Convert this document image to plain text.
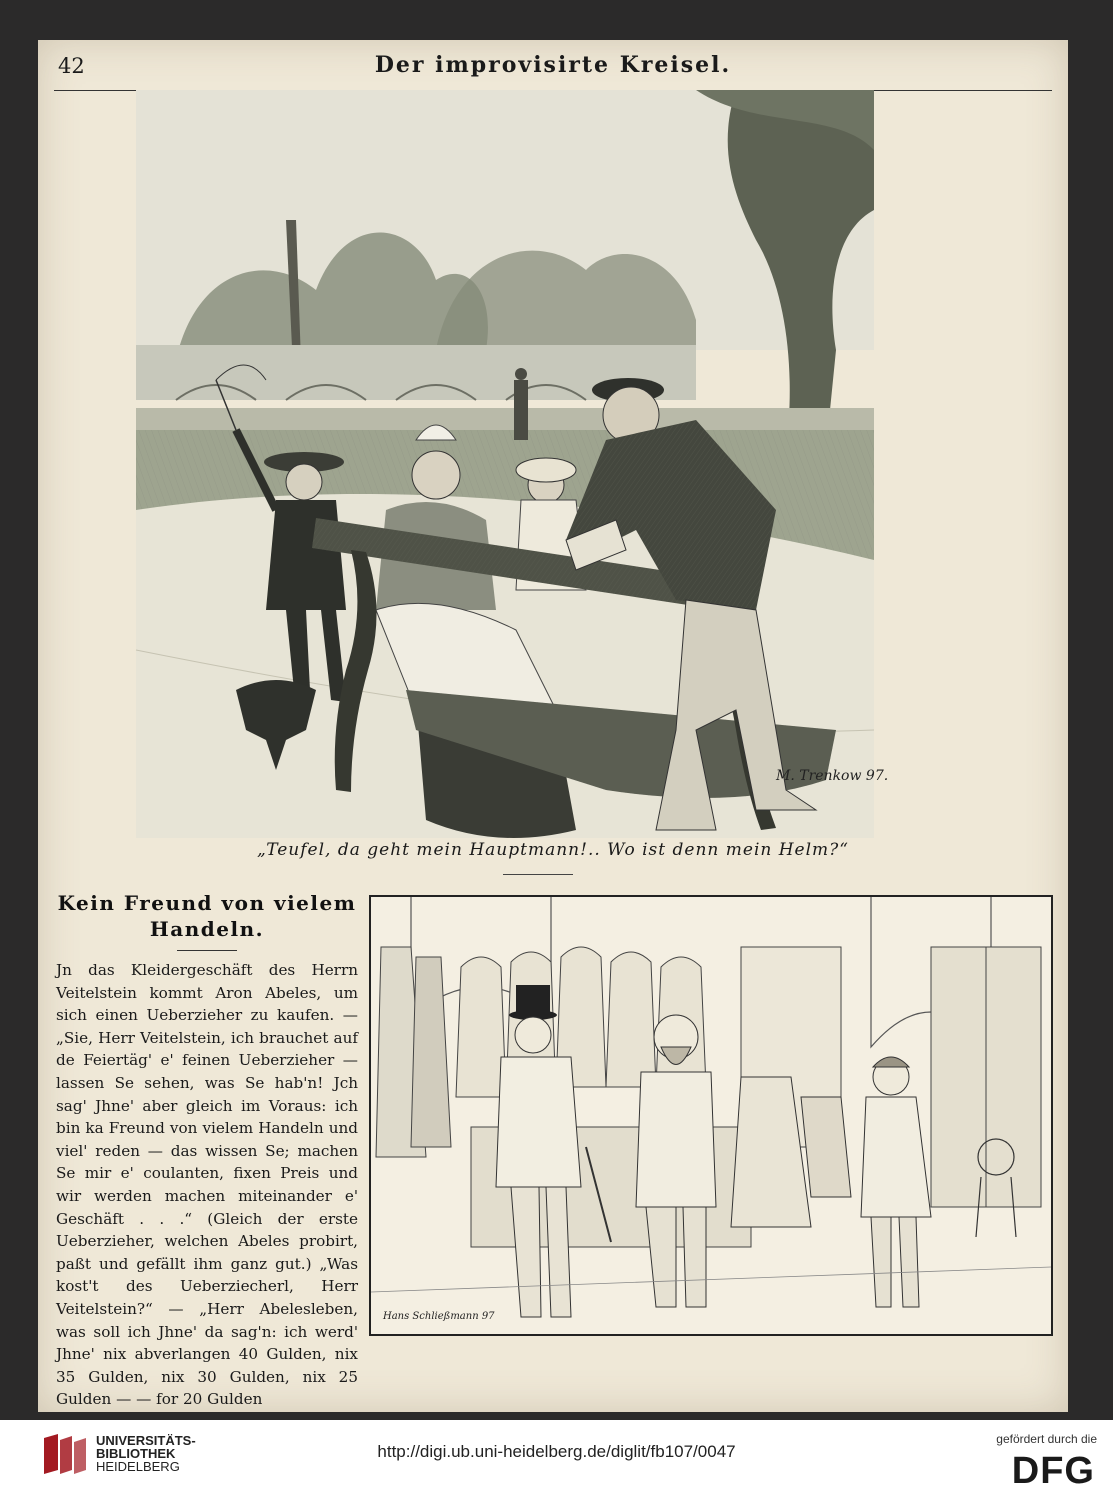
42	Der improvisirte Kreisel.
M. Trenkow 97.
„Teufel, da geht mein Hauptmann!.. Wo ist denn mein Helm?“
Kein Freund von vielem
Handeln.

Jn das Kleidergeschäft des Herrn Veitelstein kommt Aron Abeles, um sich einen Ueberzieher zu kaufen. — „Sie, Herr Veitelstein, ich brauchet auf de Feiertäg' e' feinen Ueberzieher — lassen Se sehen, was Se hab'n! Jch sag' Jhne' aber gleich im Voraus: ich bin ka Freund von vielem Handeln und viel' reden — das wissen Se; machen Se mir e' coulanten, fixen Preis und wir werden machen miteinander e' Geschäft . . .“ (Gleich der erste Ueberzieher, welchen Abeles probirt, paßt und gefällt ihm ganz gut.) „Was kost't des Ueberziecherl, Herr Veitelstein?“ — „Herr Abelesleben, was soll ich Jhne' da sag'n: ich werd' Jhne' nix abverlangen 40 Gulden, nix 35 Gulden, nix 30 Gulden, nix 25 Gulden — — for 20 Gulden

Hans Schließmann 97
UNIVERSITÄTS-
BIBLIOTHEK
HEIDELBERG
http://digi.ub.uni-heidelberg.de/diglit/fb107/0047
gefördert durch die
DFG
